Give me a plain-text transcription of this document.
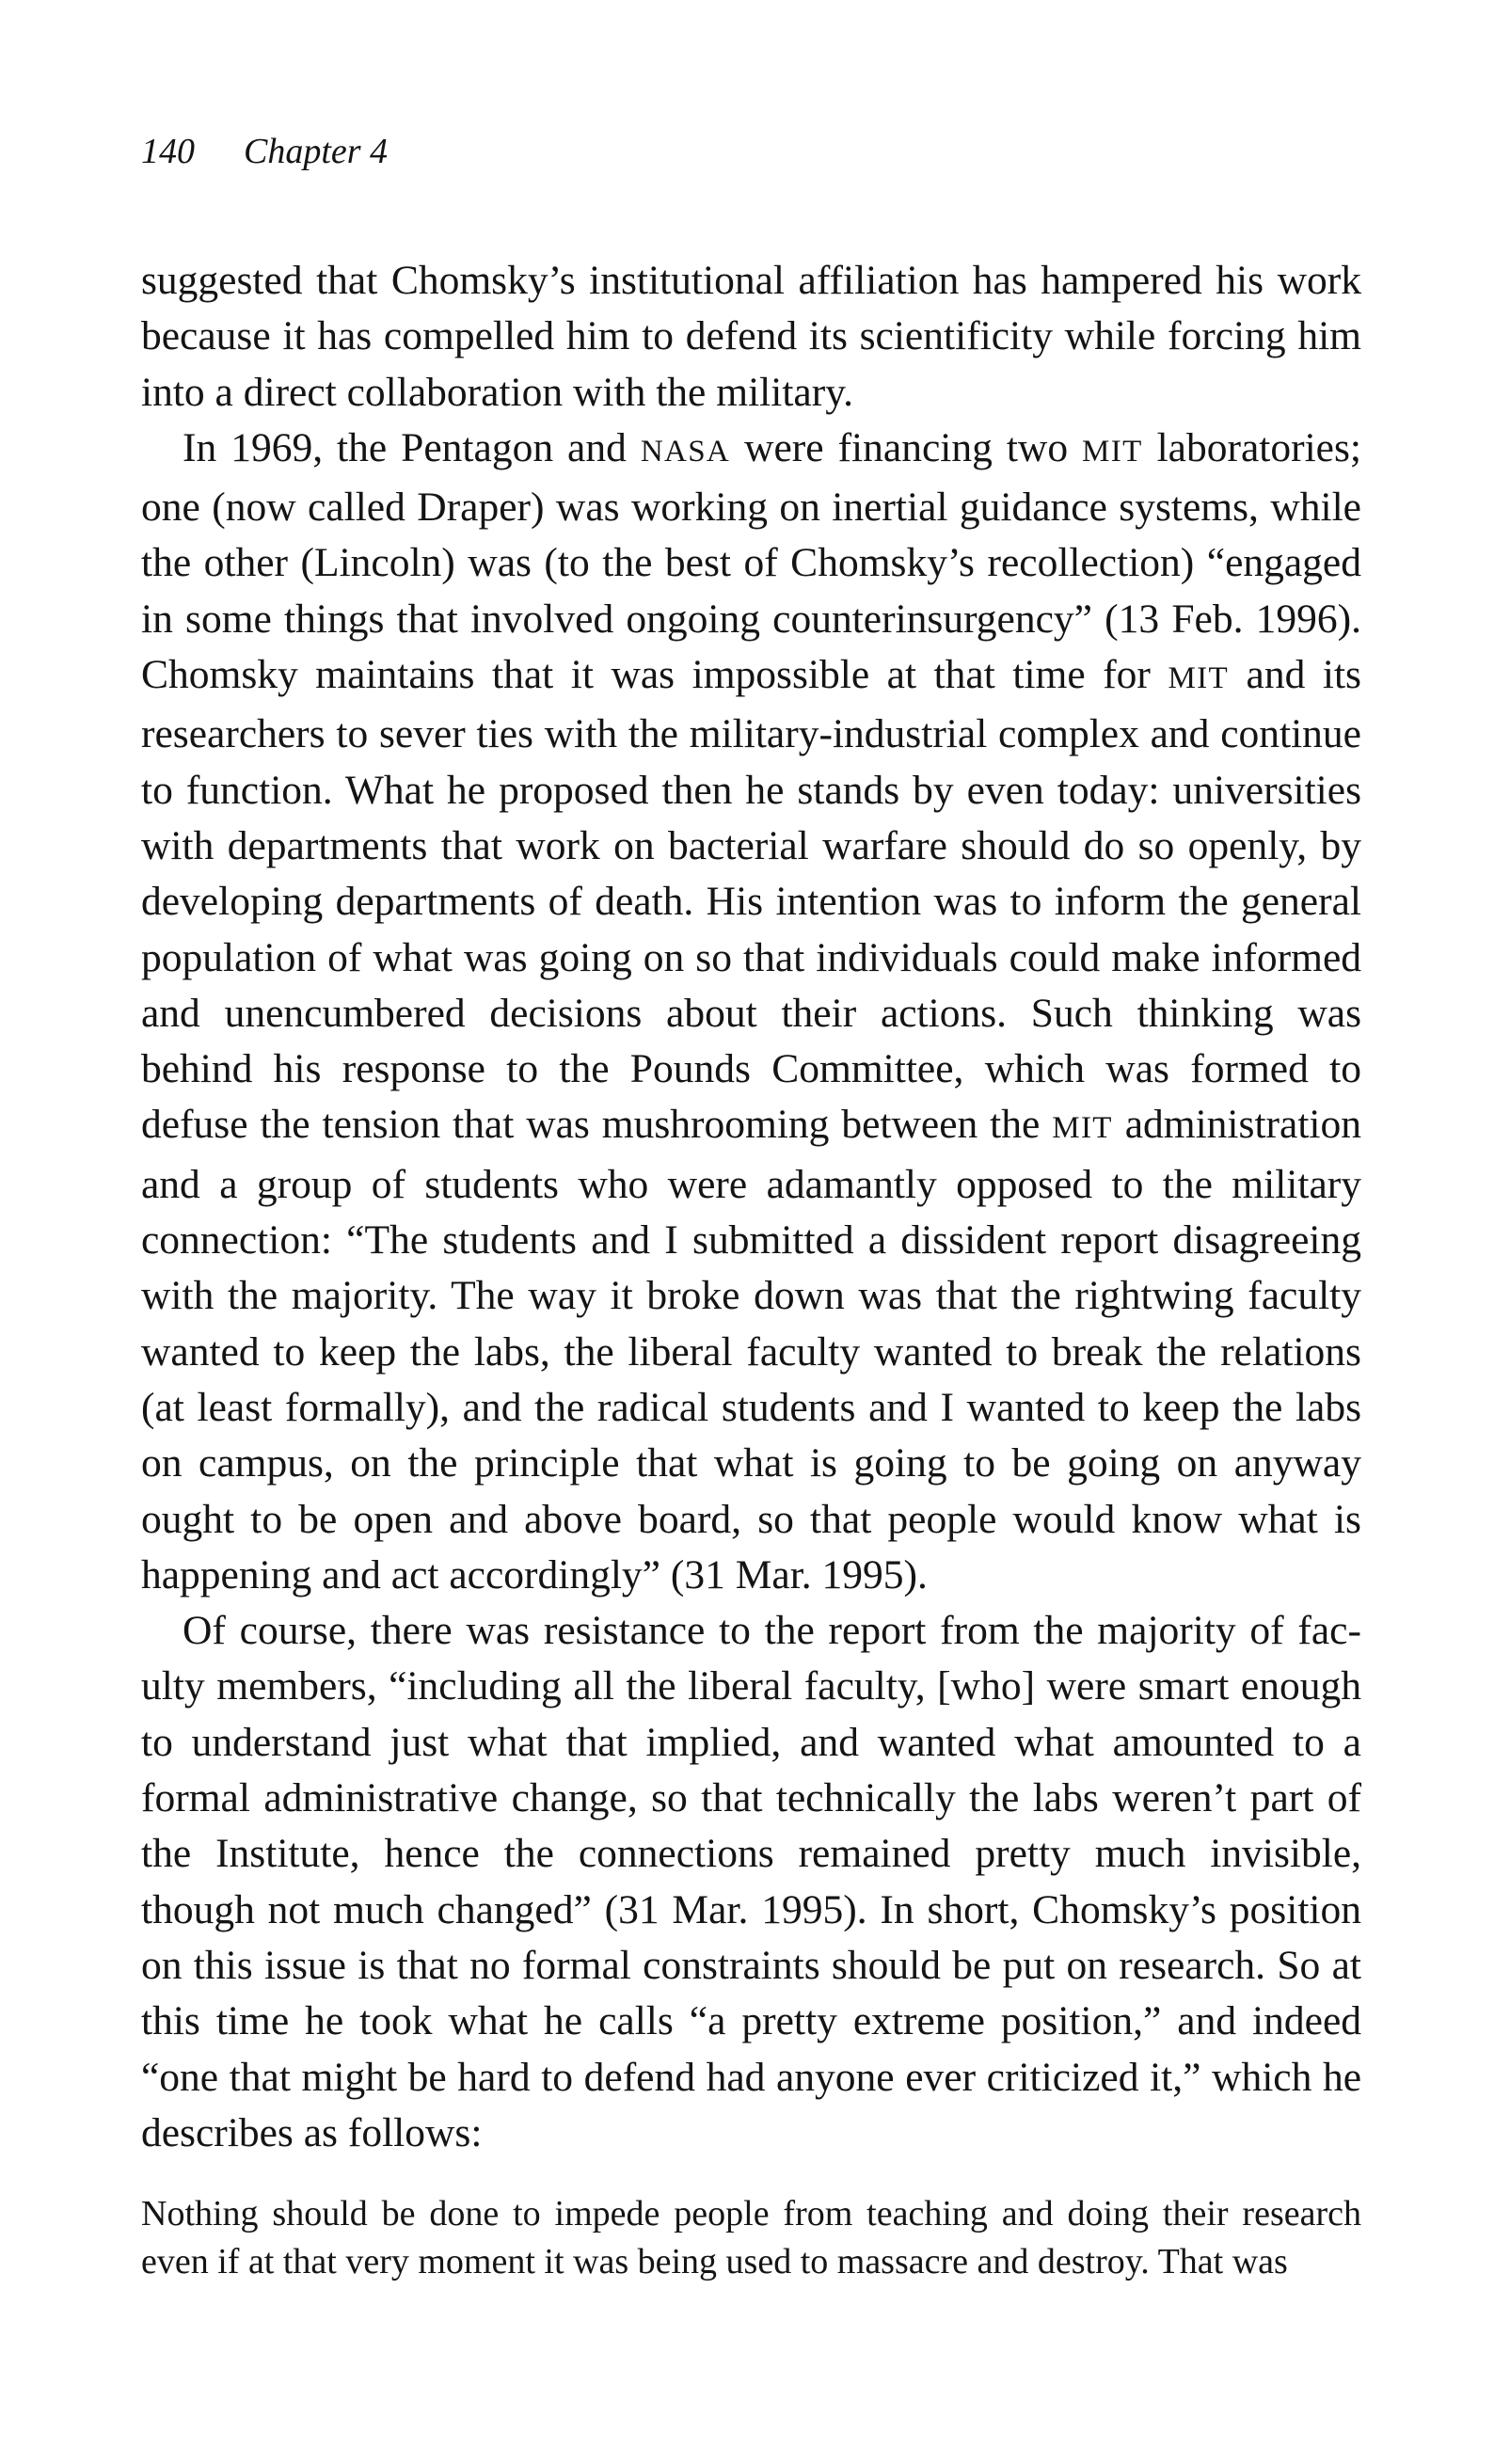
140 Chapter 4

suggested that Chomsky’s institutional affiliation has hampered his work because it has compelled him to defend its scientificity while forcing him into a direct collaboration with the military.

In 1969, the Pentagon and NASA were financing two MIT laboratories; one (now called Draper) was working on inertial guidance systems, while the other (Lincoln) was (to the best of Chomsky’s recollection) “engaged in some things that involved ongoing counterinsurgency” (13 Feb. 1996). Chomsky maintains that it was impossible at that time for MIT and its researchers to sever ties with the military-industrial complex and continue to function. What he proposed then he stands by even today: universities with departments that work on bacterial warfare should do so openly, by developing departments of death. His intention was to inform the general population of what was going on so that individuals could make informed and unencumbered decisions about their actions. Such thinking was behind his response to the Pounds Committee, which was formed to defuse the tension that was mushrooming between the MIT administration and a group of students who were adamantly opposed to the military connection: “The students and I submitted a dissident report disagreeing with the majority. The way it broke down was that the rightwing faculty wanted to keep the labs, the liberal faculty wanted to break the relations (at least formally), and the radical students and I wanted to keep the labs on campus, on the principle that what is going to be going on anyway ought to be open and above board, so that people would know what is happening and act accordingly” (31 Mar. 1995).

Of course, there was resistance to the report from the majority of faculty members, “including all the liberal faculty, [who] were smart enough to understand just what that implied, and wanted what amounted to a formal administrative change, so that technically the labs weren’t part of the Institute, hence the connections remained pretty much invisible, though not much changed” (31 Mar. 1995). In short, Chomsky’s position on this issue is that no formal constraints should be put on research. So at this time he took what he calls “a pretty extreme position,” and indeed “one that might be hard to defend had anyone ever criticized it,” which he describes as follows:

Nothing should be done to impede people from teaching and doing their research even if at that very moment it was being used to massacre and destroy. That was
